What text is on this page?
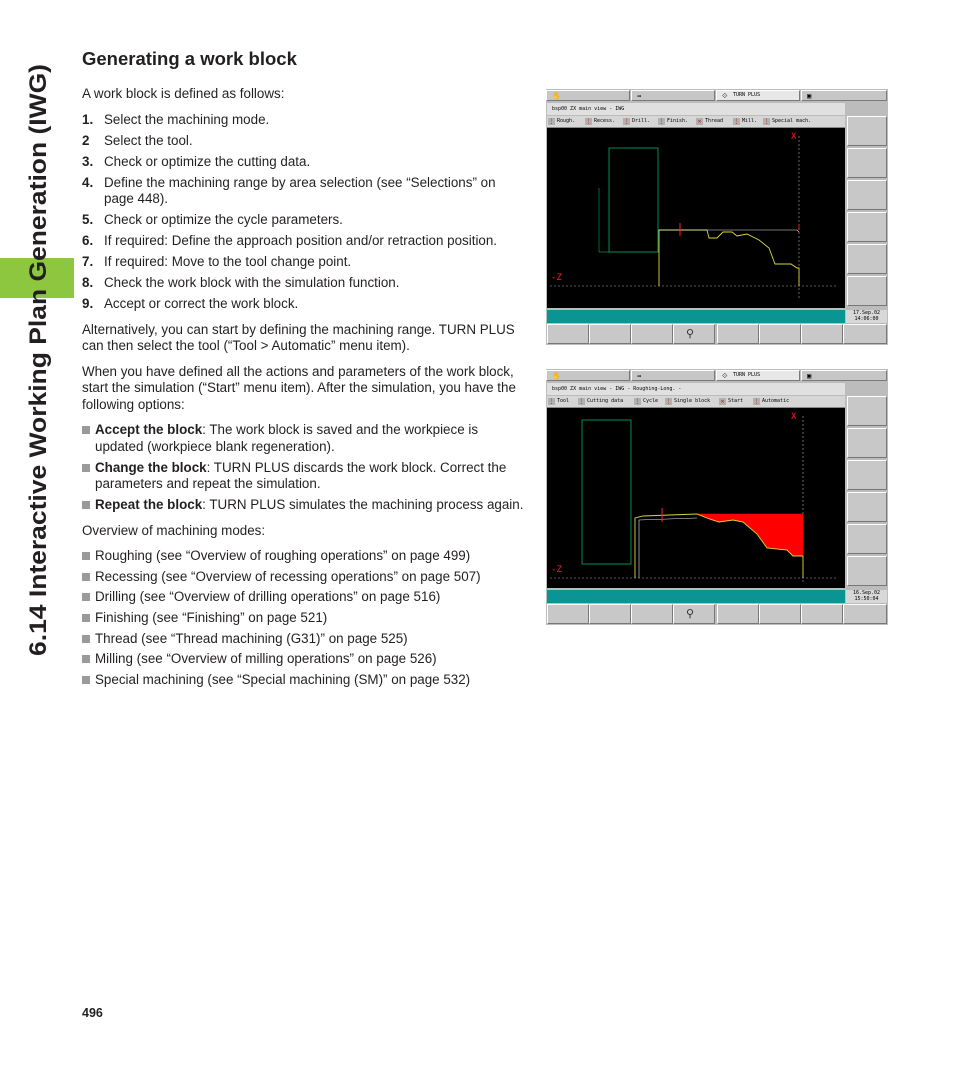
6.14 Interactive Working Plan Generation (IWG)
Generating a work block

A work block is defined as follows:

1. Select the machining mode.
2 Select the tool.
3. Check or optimize the cutting data.
4. Define the machining range by area selection (see “Selections” on page 448).
5. Check or optimize the cycle parameters.
6. If required: Define the approach position and/or retraction position.
7. If required: Move to the tool change point.
8. Check the work block with the simulation function.
9. Accept or correct the work block.

Alternatively, you can start by defining the machining range. TURN PLUS can then select the tool (“Tool > Automatic” menu item).

When you have defined all the actions and parameters of the work block, start the simulation (“Start” menu item). After the simulation, you have the following options:

Accept the block: The work block is saved and the workpiece is updated (workpiece blank regeneration).
Change the block: TURN PLUS discards the work block. Correct the parameters and repeat the simulation.
Repeat the block: TURN PLUS simulates the machining process again.

Overview of machining modes:

Roughing (see “Overview of roughing operations” on page 499)
Recessing (see “Overview of recessing operations” on page 507)
Drilling (see “Overview of drilling operations” on page 516)
Finishing (see “Finishing” on page 521)
Thread (see “Thread machining (G31)” on page 525)
Milling (see “Overview of milling operations” on page 526)
Special machining (see “Special machining (SM)” on page 532)
496
✋	⇛	⟐ TURN PLUS	▣
bsp00 ZX main view - IWG
⋮ Rough. ⋮ Recess. ⋮ Drill. ⋮ Finish. ✕ Thread ⋮ Mill. ⋮ Special mach.
X
-Z
17.Sep.02
14:06:00
⚲
✋	⇛	⟐ TURN PLUS	▣
bsp00 ZX main view - IWG - Roughing-Long. -
⋮ Tool ⋮ Cutting data ⋮ Cycle ⋮ Single block ✕ Start ⋮ Automatic
X
-Z
16.Sep.02
15:50:04
⚲
